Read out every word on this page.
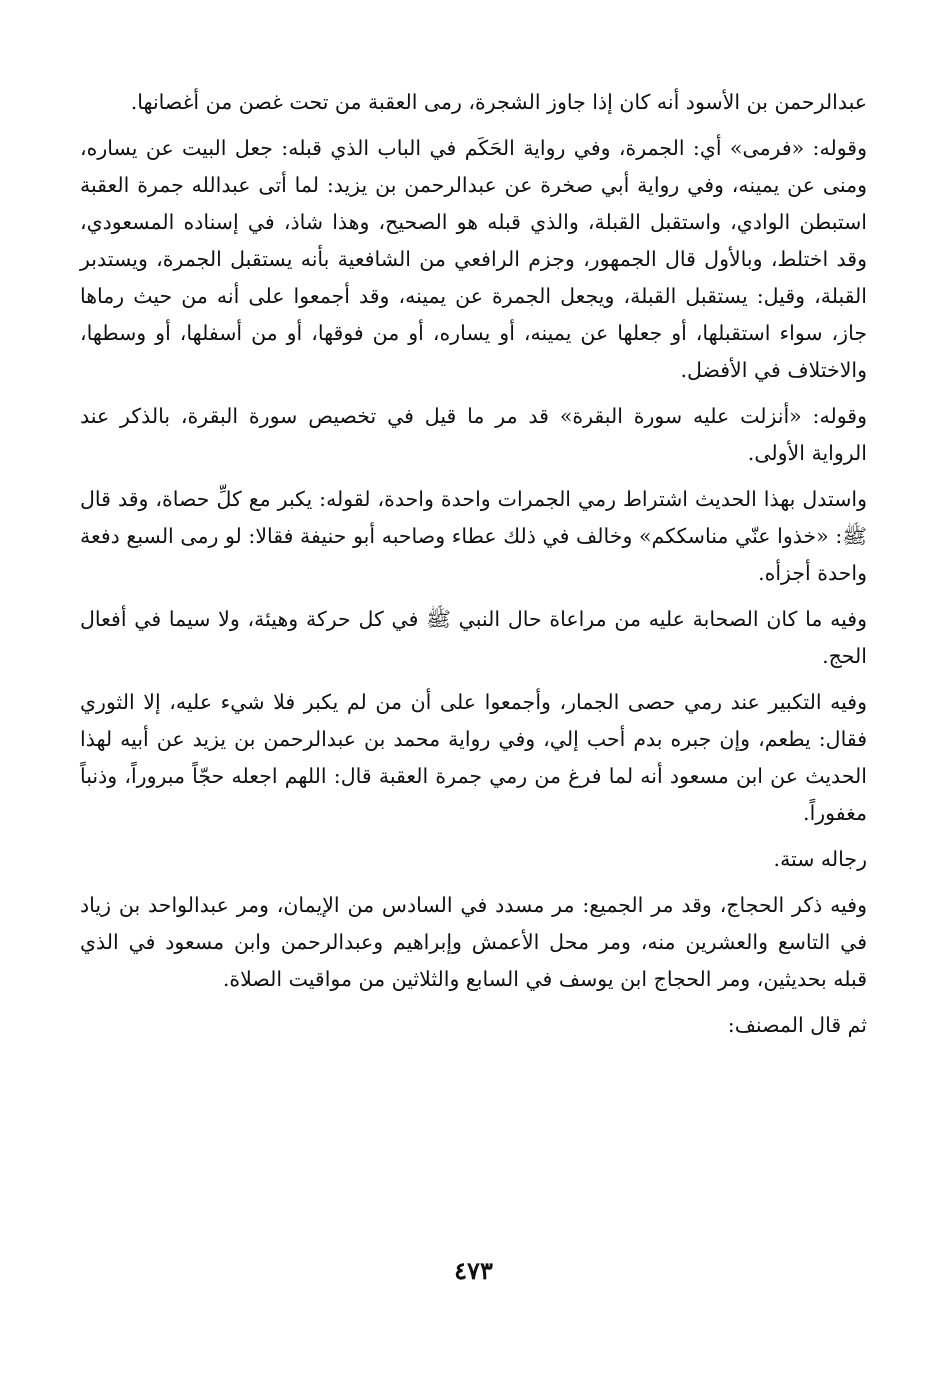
عبدالرحمن بن الأسود أنه كان إذا جاوز الشجرة، رمى العقبة من تحت غصن من أغصانها.

وقوله: «فرمى» أي: الجمرة، وفي رواية الحَكَم في الباب الذي قبله: جعل البيت عن يساره، ومنى عن يمينه، وفي رواية أبي صخرة عن عبدالرحمن بن يزيد: لما أتى عبدالله جمرة العقبة استبطن الوادي، واستقبل القبلة، والذي قبله هو الصحيح، وهذا شاذ، في إسناده المسعودي، وقد اختلط، وبالأول قال الجمهور، وجزم الرافعي من الشافعية بأنه يستقبل الجمرة، ويستدبر القبلة، وقيل: يستقبل القبلة، ويجعل الجمرة عن يمينه، وقد أجمعوا على أنه من حيث رماها جاز، سواء استقبلها، أو جعلها عن يمينه، أو يساره، أو من فوقها، أو من أسفلها، أو وسطها، والاختلاف في الأفضل.

وقوله: «أنزلت عليه سورة البقرة» قد مر ما قيل في تخصيص سورة البقرة، بالذكر عند الرواية الأولى.

واستدل بهذا الحديث اشتراط رمي الجمرات واحدة واحدة، لقوله: يكبر مع كلِّ حصاة، وقد قال ﷺ: «خذوا عنّي مناسككم» وخالف في ذلك عطاء وصاحبه أبو حنيفة فقالا: لو رمى السبع دفعة واحدة أجزأه.

وفيه ما كان الصحابة عليه من مراعاة حال النبي ﷺ في كل حركة وهيئة، ولا سيما في أفعال الحج.

وفيه التكبير عند رمي حصى الجمار، وأجمعوا على أن من لم يكبر فلا شيء عليه، إلا الثوري فقال: يطعم، وإن جبره بدم أحب إلي، وفي رواية محمد بن عبدالرحمن بن يزيد عن أبيه لهذا الحديث عن ابن مسعود أنه لما فرغ من رمي جمرة العقبة قال: اللهم اجعله حجّاً مبروراً، وذنباً مغفوراً.

رجاله ستة.

وفيه ذكر الحجاج، وقد مر الجميع: مر مسدد في السادس من الإيمان، ومر عبدالواحد بن زياد في التاسع والعشرين منه، ومر محل الأعمش وإبراهيم وعبدالرحمن وابن مسعود في الذي قبله بحديثين، ومر الحجاج ابن يوسف في السابع والثلاثين من مواقيت الصلاة.

ثم قال المصنف:

٤٧٣
